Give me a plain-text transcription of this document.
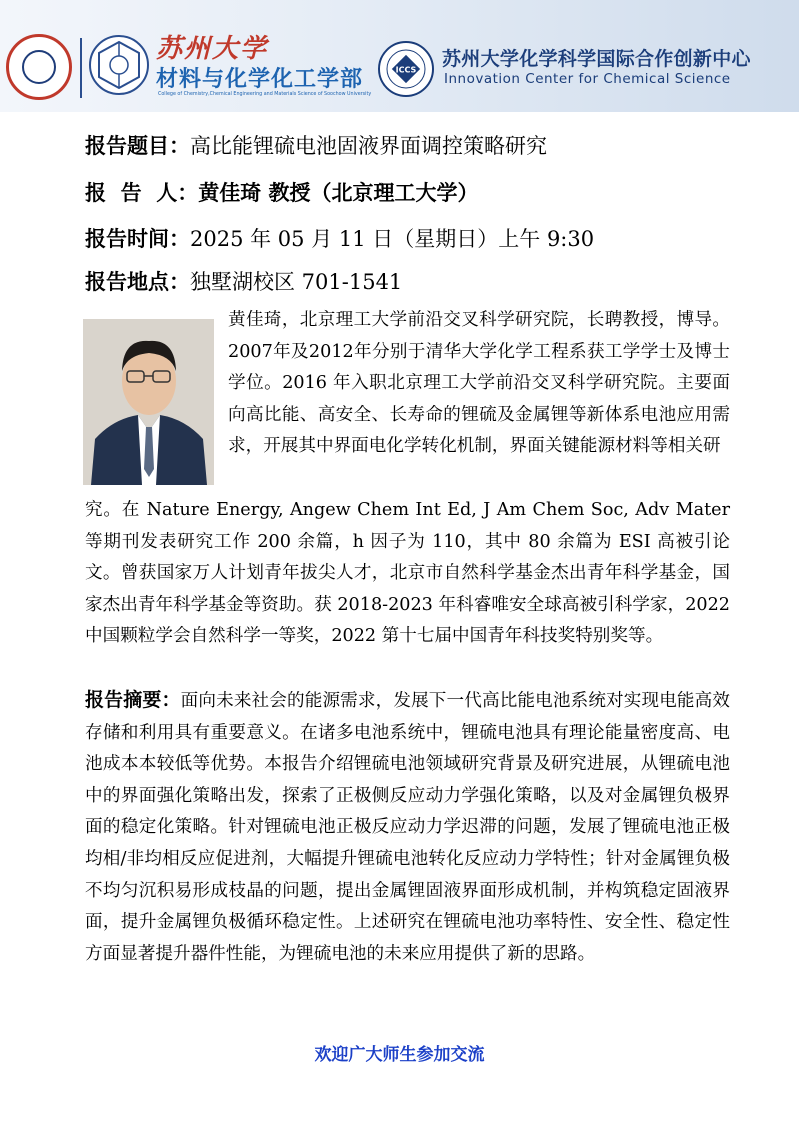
苏州大学
材料与化学化工学部
College of Chemistry,Chemical Engineering and Materials Science of Soochow University
ICCS 苏州大学化学科学国际合作创新中心
Innovation Center for Chemical Science
报告题目：高比能锂硫电池固液界面调控策略研究
报  告  人：黄佳琦 教授（北京理工大学）
报告时间：2025 年 05 月 11 日（星期日）上午 9:30
报告地点：独墅湖校区 701-1541
黄佳琦，北京理工大学前沿交叉科学研究院，长聘教授，博导。2007年及2012年分别于清华大学化学工程系获工学学士及博士学位。2016 年入职北京理工大学前沿交叉科学研究院。主要面向高比能、高安全、长寿命的锂硫及金属锂等新体系电池应用需求，开展其中界面电化学转化机制，界面关键能源材料等相关研
究。在 Nature Energy, Angew Chem Int Ed, J Am Chem Soc, Adv Mater 等期刊发表研究工作 200 余篇，h 因子为 110，其中 80 余篇为 ESI 高被引论文。曾获国家万人计划青年拔尖人才，北京市自然科学基金杰出青年科学基金，国家杰出青年科学基金等资助。获 2018-2023 年科睿唯安全球高被引科学家，2022 中国颗粒学会自然科学一等奖，2022 第十七届中国青年科技奖特别奖等。
报告摘要：面向未来社会的能源需求，发展下一代高比能电池系统对实现电能高效存储和利用具有重要意义。在诸多电池系统中，锂硫电池具有理论能量密度高、电池成本本较低等优势。本报告介绍锂硫电池领域研究背景及研究进展，从锂硫电池中的界面强化策略出发，探索了正极侧反应动力学强化策略，以及对金属锂负极界面的稳定化策略。针对锂硫电池正极反应动力学迟滞的问题，发展了锂硫电池正极均相/非均相反应促进剂，大幅提升锂硫电池转化反应动力学特性；针对金属锂负极不均匀沉积易形成枝晶的问题，提出金属锂固液界面形成机制，并构筑稳定固液界面，提升金属锂负极循环稳定性。上述研究在锂硫电池功率特性、安全性、稳定性方面显著提升器件性能，为锂硫电池的未来应用提供了新的思路。
欢迎广大师生参加交流
